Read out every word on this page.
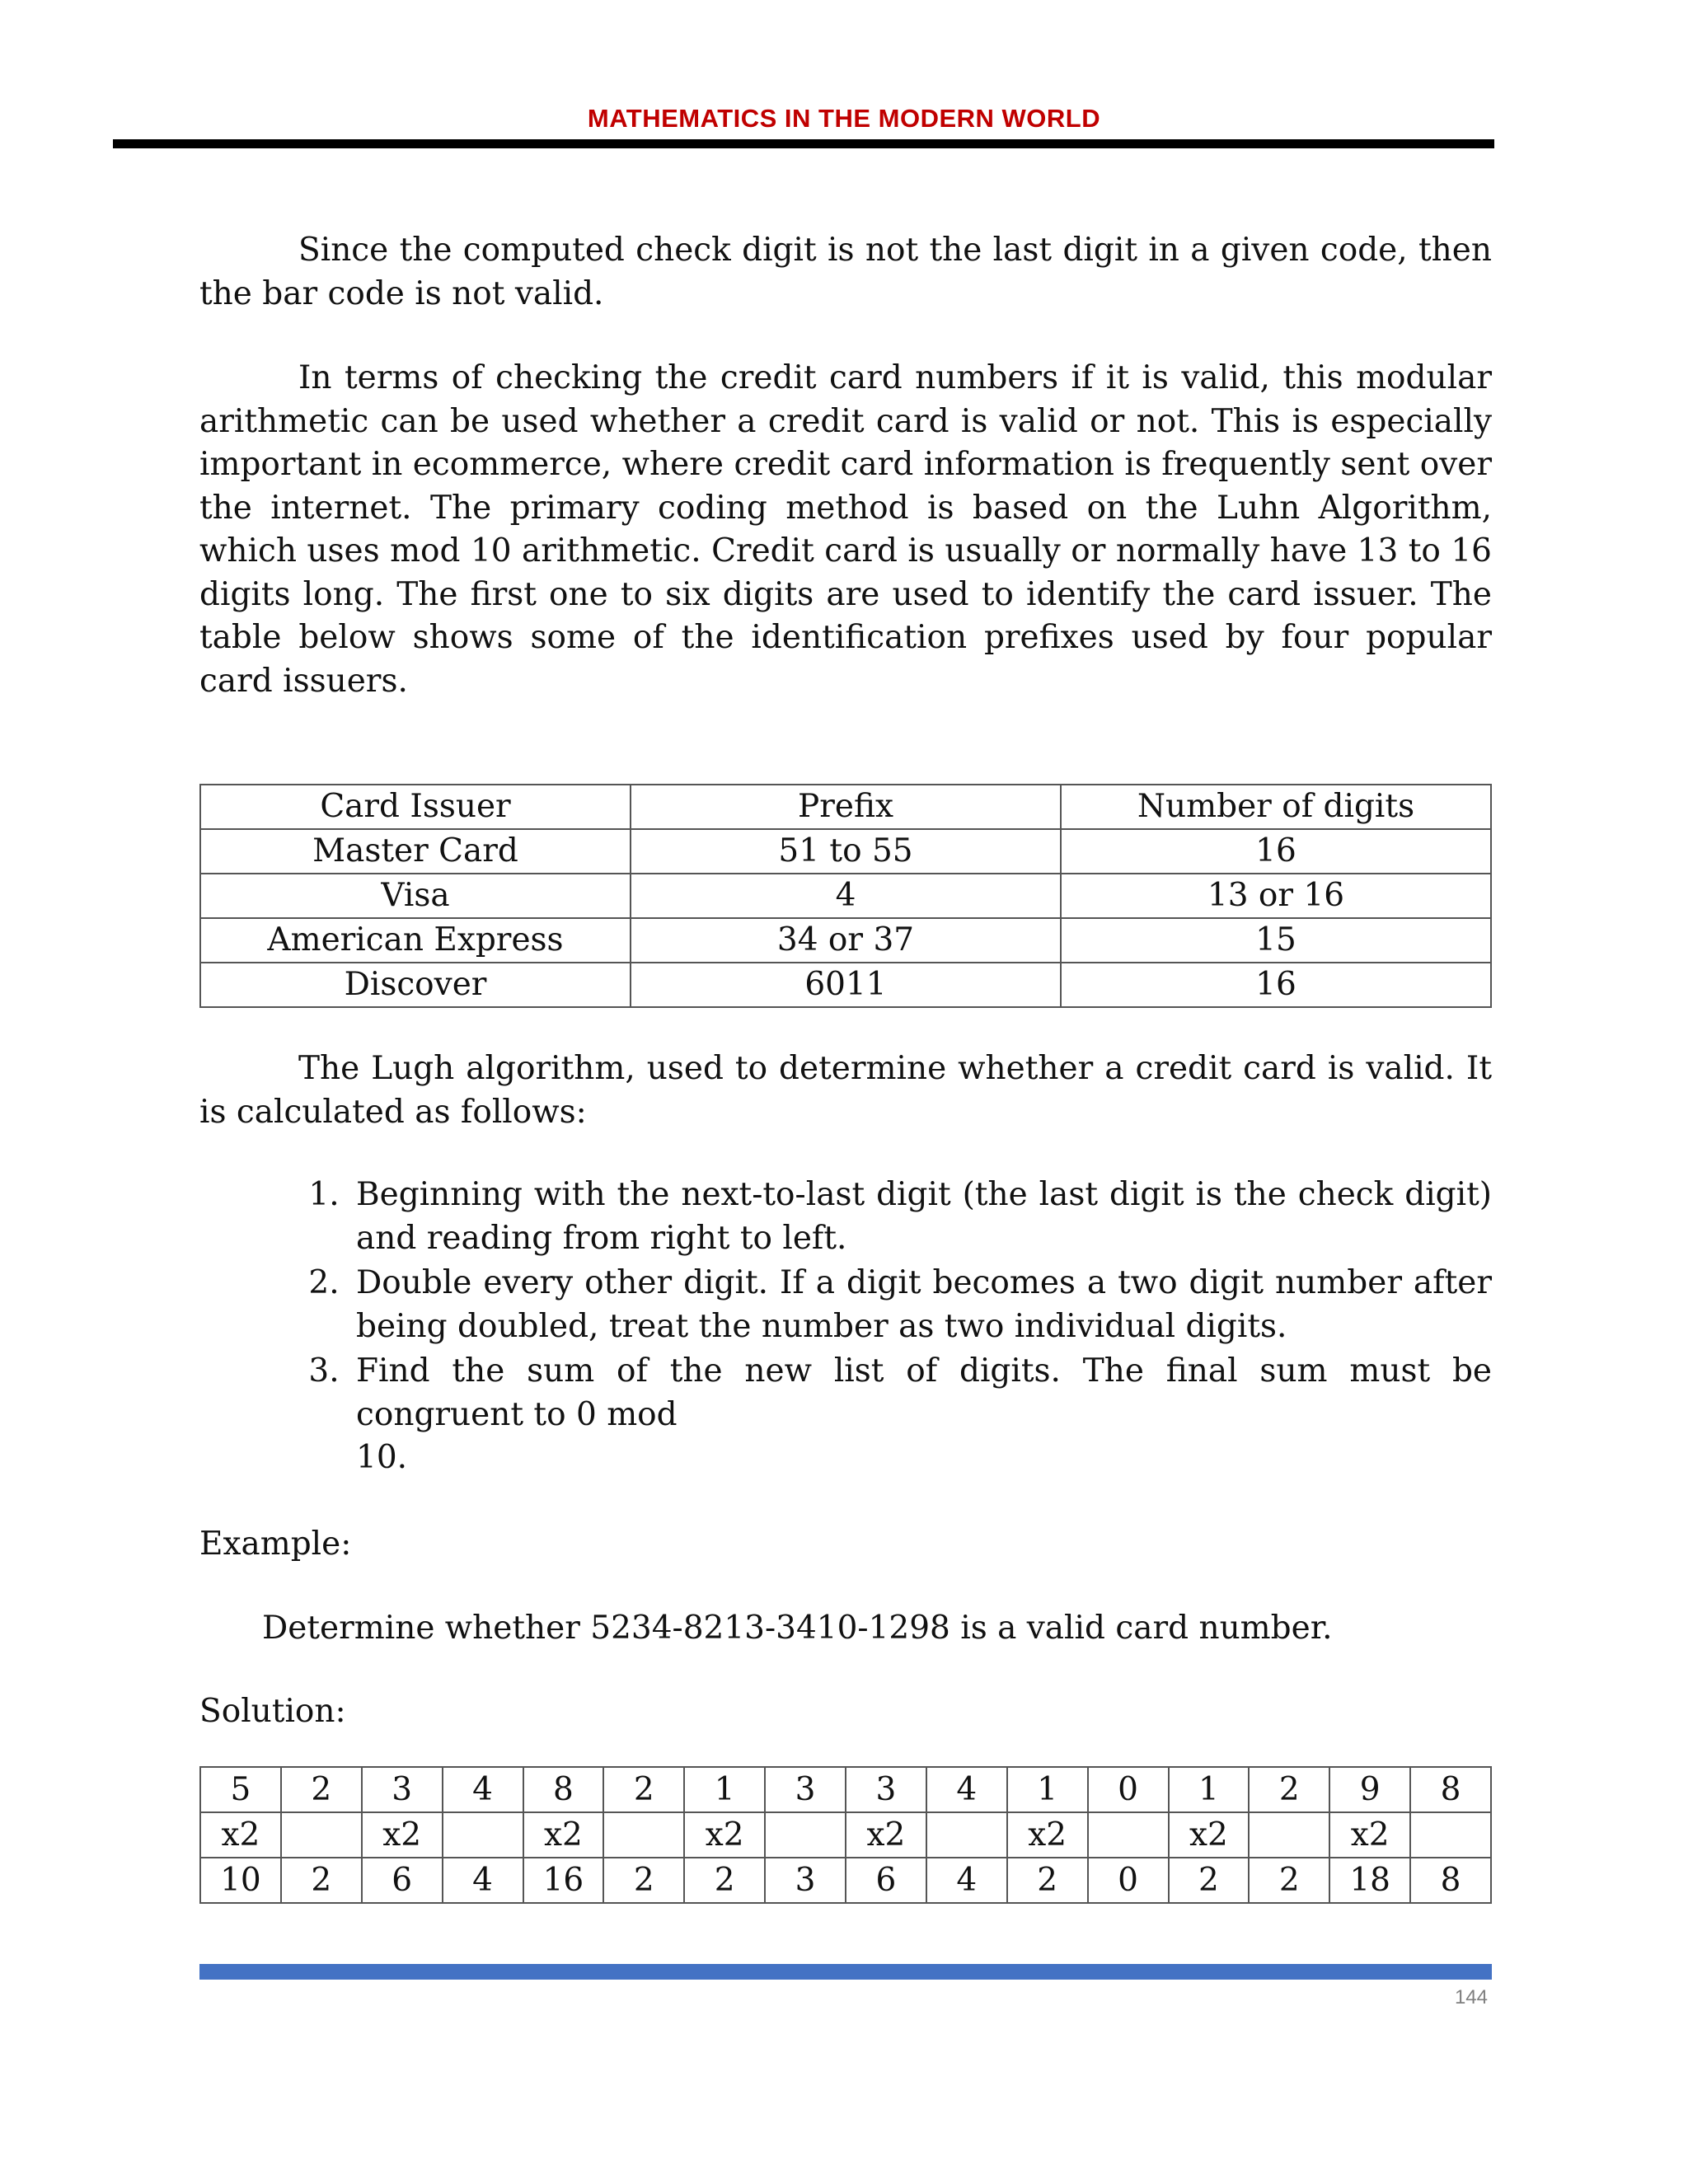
MATHEMATICS IN THE MODERN WORLD

Since the computed check digit is not the last digit in a given code, then the bar code is not valid.

In terms of checking the credit card numbers if it is valid, this modular arithmetic can be used whether a credit card is valid or not. This is especially important in ecommerce, where credit card information is frequently sent over the internet. The primary coding method is based on the Luhn Algorithm, which uses mod 10 arithmetic. Credit card is usually or normally have 13 to 16 digits long. The first one to six digits are used to identify the card issuer. The table below shows some of the identification prefixes used by four popular card issuers.

Card Issuer	Prefix	Number of digits
Master Card	51 to 55	16
Visa	4	13 or 16
American Express	34 or 37	15
Discover	6011	16

The Lugh algorithm, used to determine whether a credit card is valid. It is calculated as follows:

1. Beginning with the next-to-last digit (the last digit is the check digit) and reading from right to left.
2. Double every other digit. If a digit becomes a two digit number after being doubled, treat the number as two individual digits.
3. Find the sum of the new list of digits. The final sum must be congruent to 0 mod
10.
Example:
Determine whether 5234-8213-3410-1298 is a valid card number.
Solution:
5	2	3	4	8	2	1	3	3	4	1	0	1	2	9	8
x2		x2		x2		x2		x2		x2		x2		x2	
10	2	6	4	16	2	2	3	6	4	2	0	2	2	18	8
144
